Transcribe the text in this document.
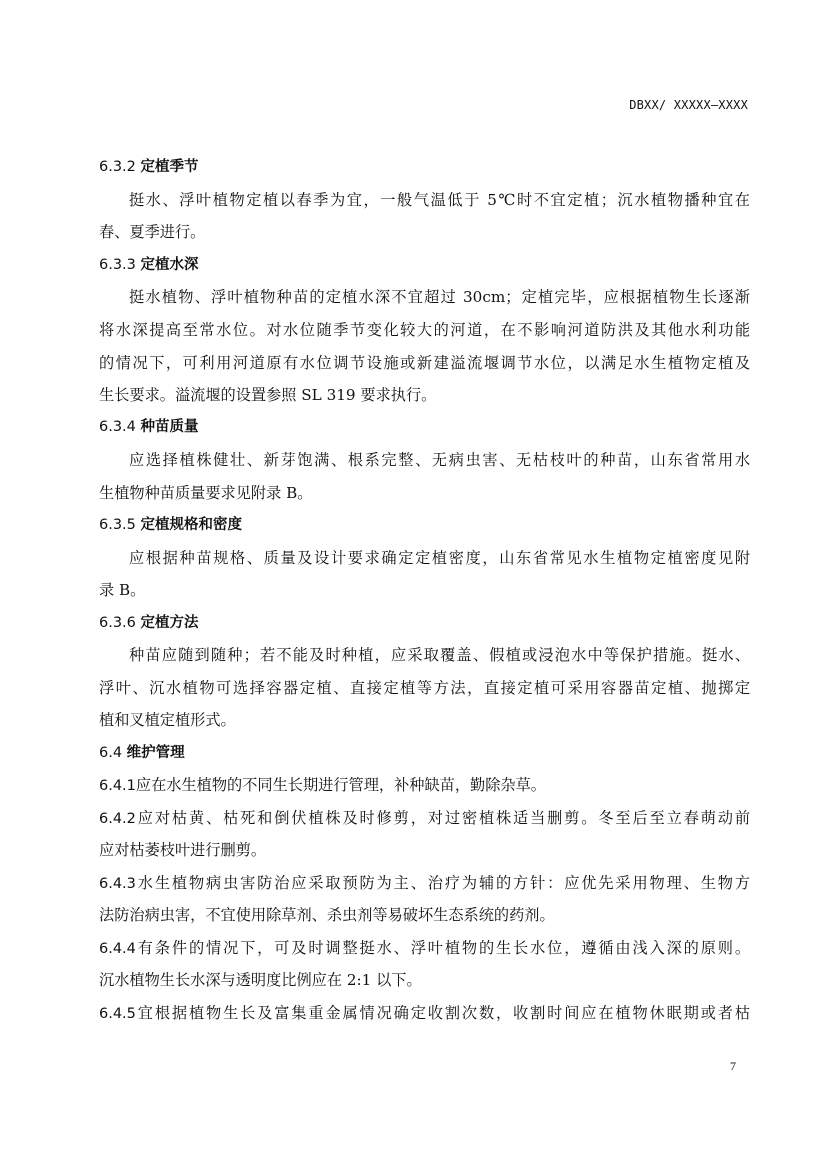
DBXX/ XXXXX—XXXX
6.3.2 定植季节
挺水、浮叶植物定植以春季为宜，一般气温低于 5℃时不宜定植；沉水植物播种宜在
春、夏季进行。
6.3.3 定植水深
挺水植物、浮叶植物种苗的定植水深不宜超过 30cm；定植完毕，应根据植物生长逐渐
将水深提高至常水位。对水位随季节变化较大的河道，在不影响河道防洪及其他水利功能
的情况下，可利用河道原有水位调节设施或新建溢流堰调节水位，以满足水生植物定植及
生长要求。溢流堰的设置参照 SL 319 要求执行。
6.3.4 种苗质量
应选择植株健壮、新芽饱满、根系完整、无病虫害、无枯枝叶的种苗，山东省常用水
生植物种苗质量要求见附录 B。
6.3.5 定植规格和密度
应根据种苗规格、质量及设计要求确定定植密度，山东省常见水生植物定植密度见附
录 B。
6.3.6 定植方法
种苗应随到随种；若不能及时种植，应采取覆盖、假植或浸泡水中等保护措施。挺水、
浮叶、沉水植物可选择容器定植、直接定植等方法，直接定植可采用容器苗定植、抛掷定
植和叉植定植形式。
6.4 维护管理
6.4.1应在水生植物的不同生长期进行管理，补种缺苗，勤除杂草。
6.4.2应对枯黄、枯死和倒伏植株及时修剪，对过密植株适当删剪。冬至后至立春萌动前
应对枯萎枝叶进行删剪。
6.4.3水生植物病虫害防治应采取预防为主、治疗为辅的方针：应优先采用物理、生物方
法防治病虫害，不宜使用除草剂、杀虫剂等易破坏生态系统的药剂。
6.4.4有条件的情况下，可及时调整挺水、浮叶植物的生长水位，遵循由浅入深的原则。
沉水植物生长水深与透明度比例应在 2:1 以下。
6.4.5宜根据植物生长及富集重金属情况确定收割次数，收割时间应在植物休眠期或者枯
7
